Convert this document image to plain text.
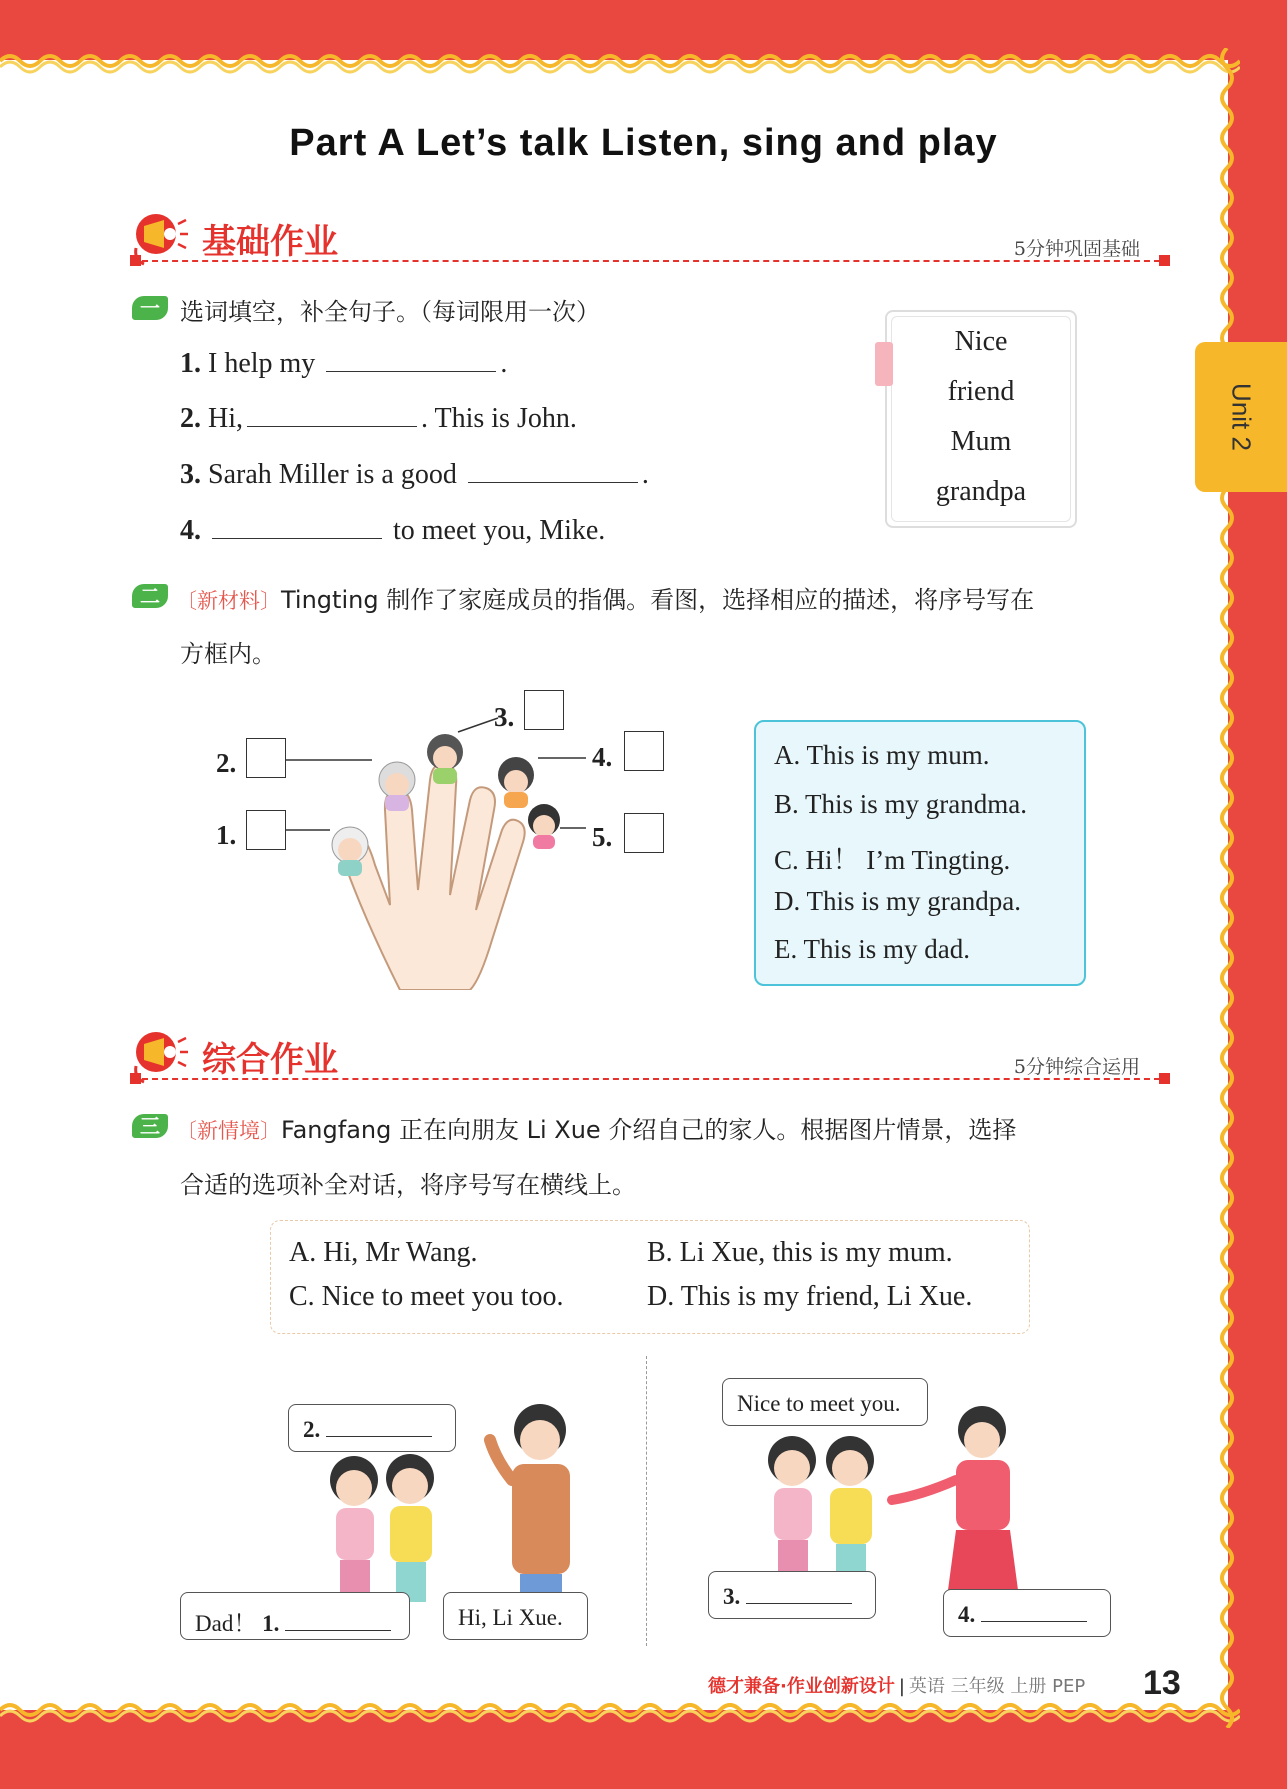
Part A Let’s talk Listen, sing and play
Unit 2
基础作业	5分钟巩固基础
一 选词填空，补全句子。（每词限用一次）
1. I help my	.
2. Hi,	. This is John.
3. Sarah Miller is a good	.
4.	to meet you, Mike.
Nice
friend
Mum
grandpa
二 〔新材料〕Tingting 制作了家庭成员的指偶。看图，选择相应的描述，将序号写在
方框内。
2.
1.
3.
4.
5.
A. This is my mum.
B. This is my grandma.
C. Hi！ I’m Tingting.
D. This is my grandpa.
E. This is my dad.
综合作业	5分钟综合运用
三 〔新情境〕Fangfang 正在向朋友 Li Xue 介绍自己的家人。根据图片情景，选择
合适的选项补全对话，将序号写在横线上。
A. Hi, Mr Wang.	B. Li Xue, this is my mum.
C. Nice to meet you too.	D. This is my friend, Li Xue.
2.
Dad！ 1.	Hi, Li Xue.
Nice to meet you.
3.
4.
德才兼备·作业创新设计 | 英语 三年级 上册 PEP 13
